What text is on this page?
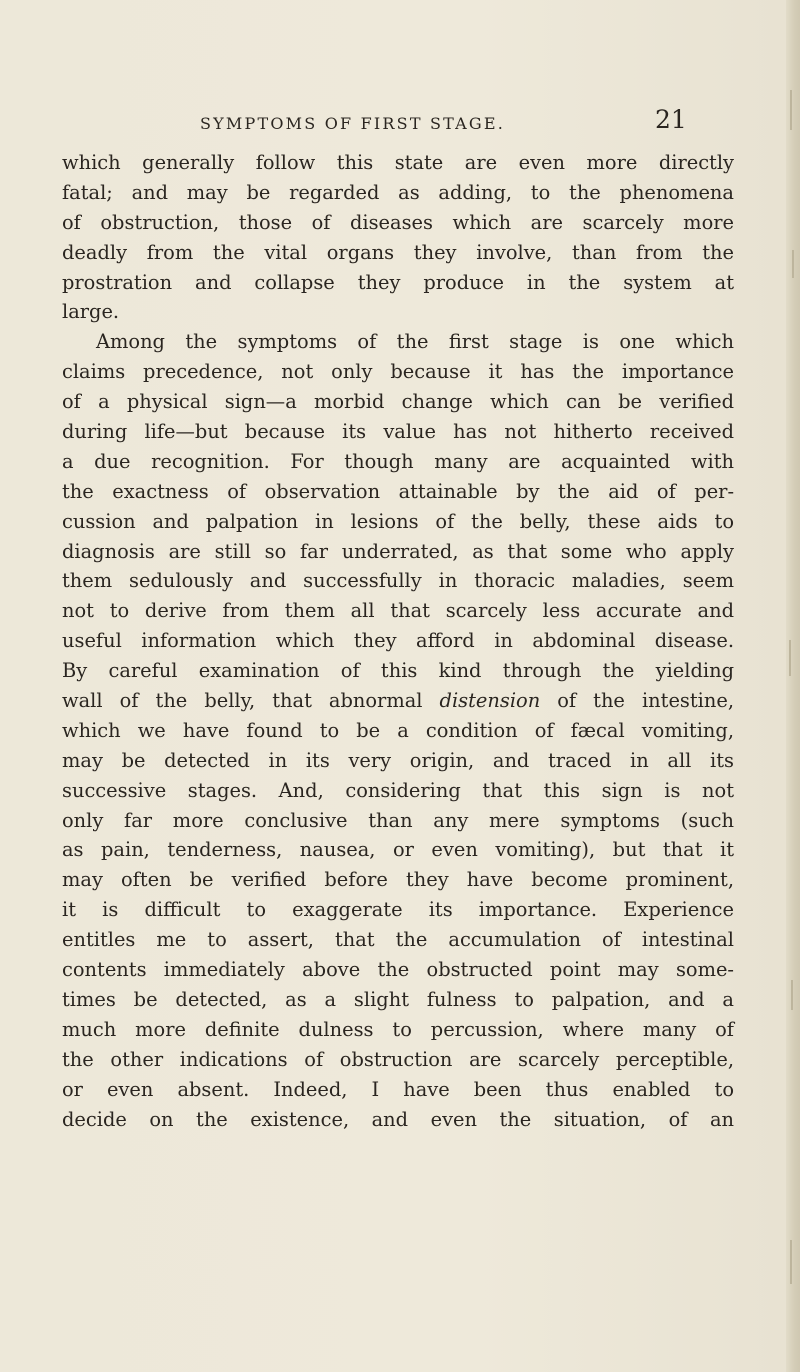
SYMPTOMS OF FIRST STAGE.	21
which generally follow this state are even more directly
fatal; and may be regarded as adding, to the phenomena
of obstruction, those of diseases which are scarcely more
deadly from the vital organs they involve, than from the
prostration and collapse they produce in the system at
large.
Among the symptoms of the first stage is one which
claims precedence, not only because it has the importance
of a physical sign—a morbid change which can be verified
during life—but because its value has not hitherto received
a due recognition. For though many are acquainted with
the exactness of observation attainable by the aid of per-
cussion and palpation in lesions of the belly, these aids to
diagnosis are still so far underrated, as that some who apply
them sedulously and successfully in thoracic maladies, seem
not to derive from them all that scarcely less accurate and
useful information which they afford in abdominal disease.
By careful examination of this kind through the yielding
wall of the belly, that abnormal distension of the intestine,
which we have found to be a condition of fæcal vomiting,
may be detected in its very origin, and traced in all its
successive stages. And, considering that this sign is not
only far more conclusive than any mere symptoms (such
as pain, tenderness, nausea, or even vomiting), but that it
may often be verified before they have become prominent,
it is difficult to exaggerate its importance. Experience
entitles me to assert, that the accumulation of intestinal
contents immediately above the obstructed point may some-
times be detected, as a slight fulness to palpation, and a
much more definite dulness to percussion, where many of
the other indications of obstruction are scarcely perceptible,
or even absent. Indeed, I have been thus enabled to
decide on the existence, and even the situation, of an
